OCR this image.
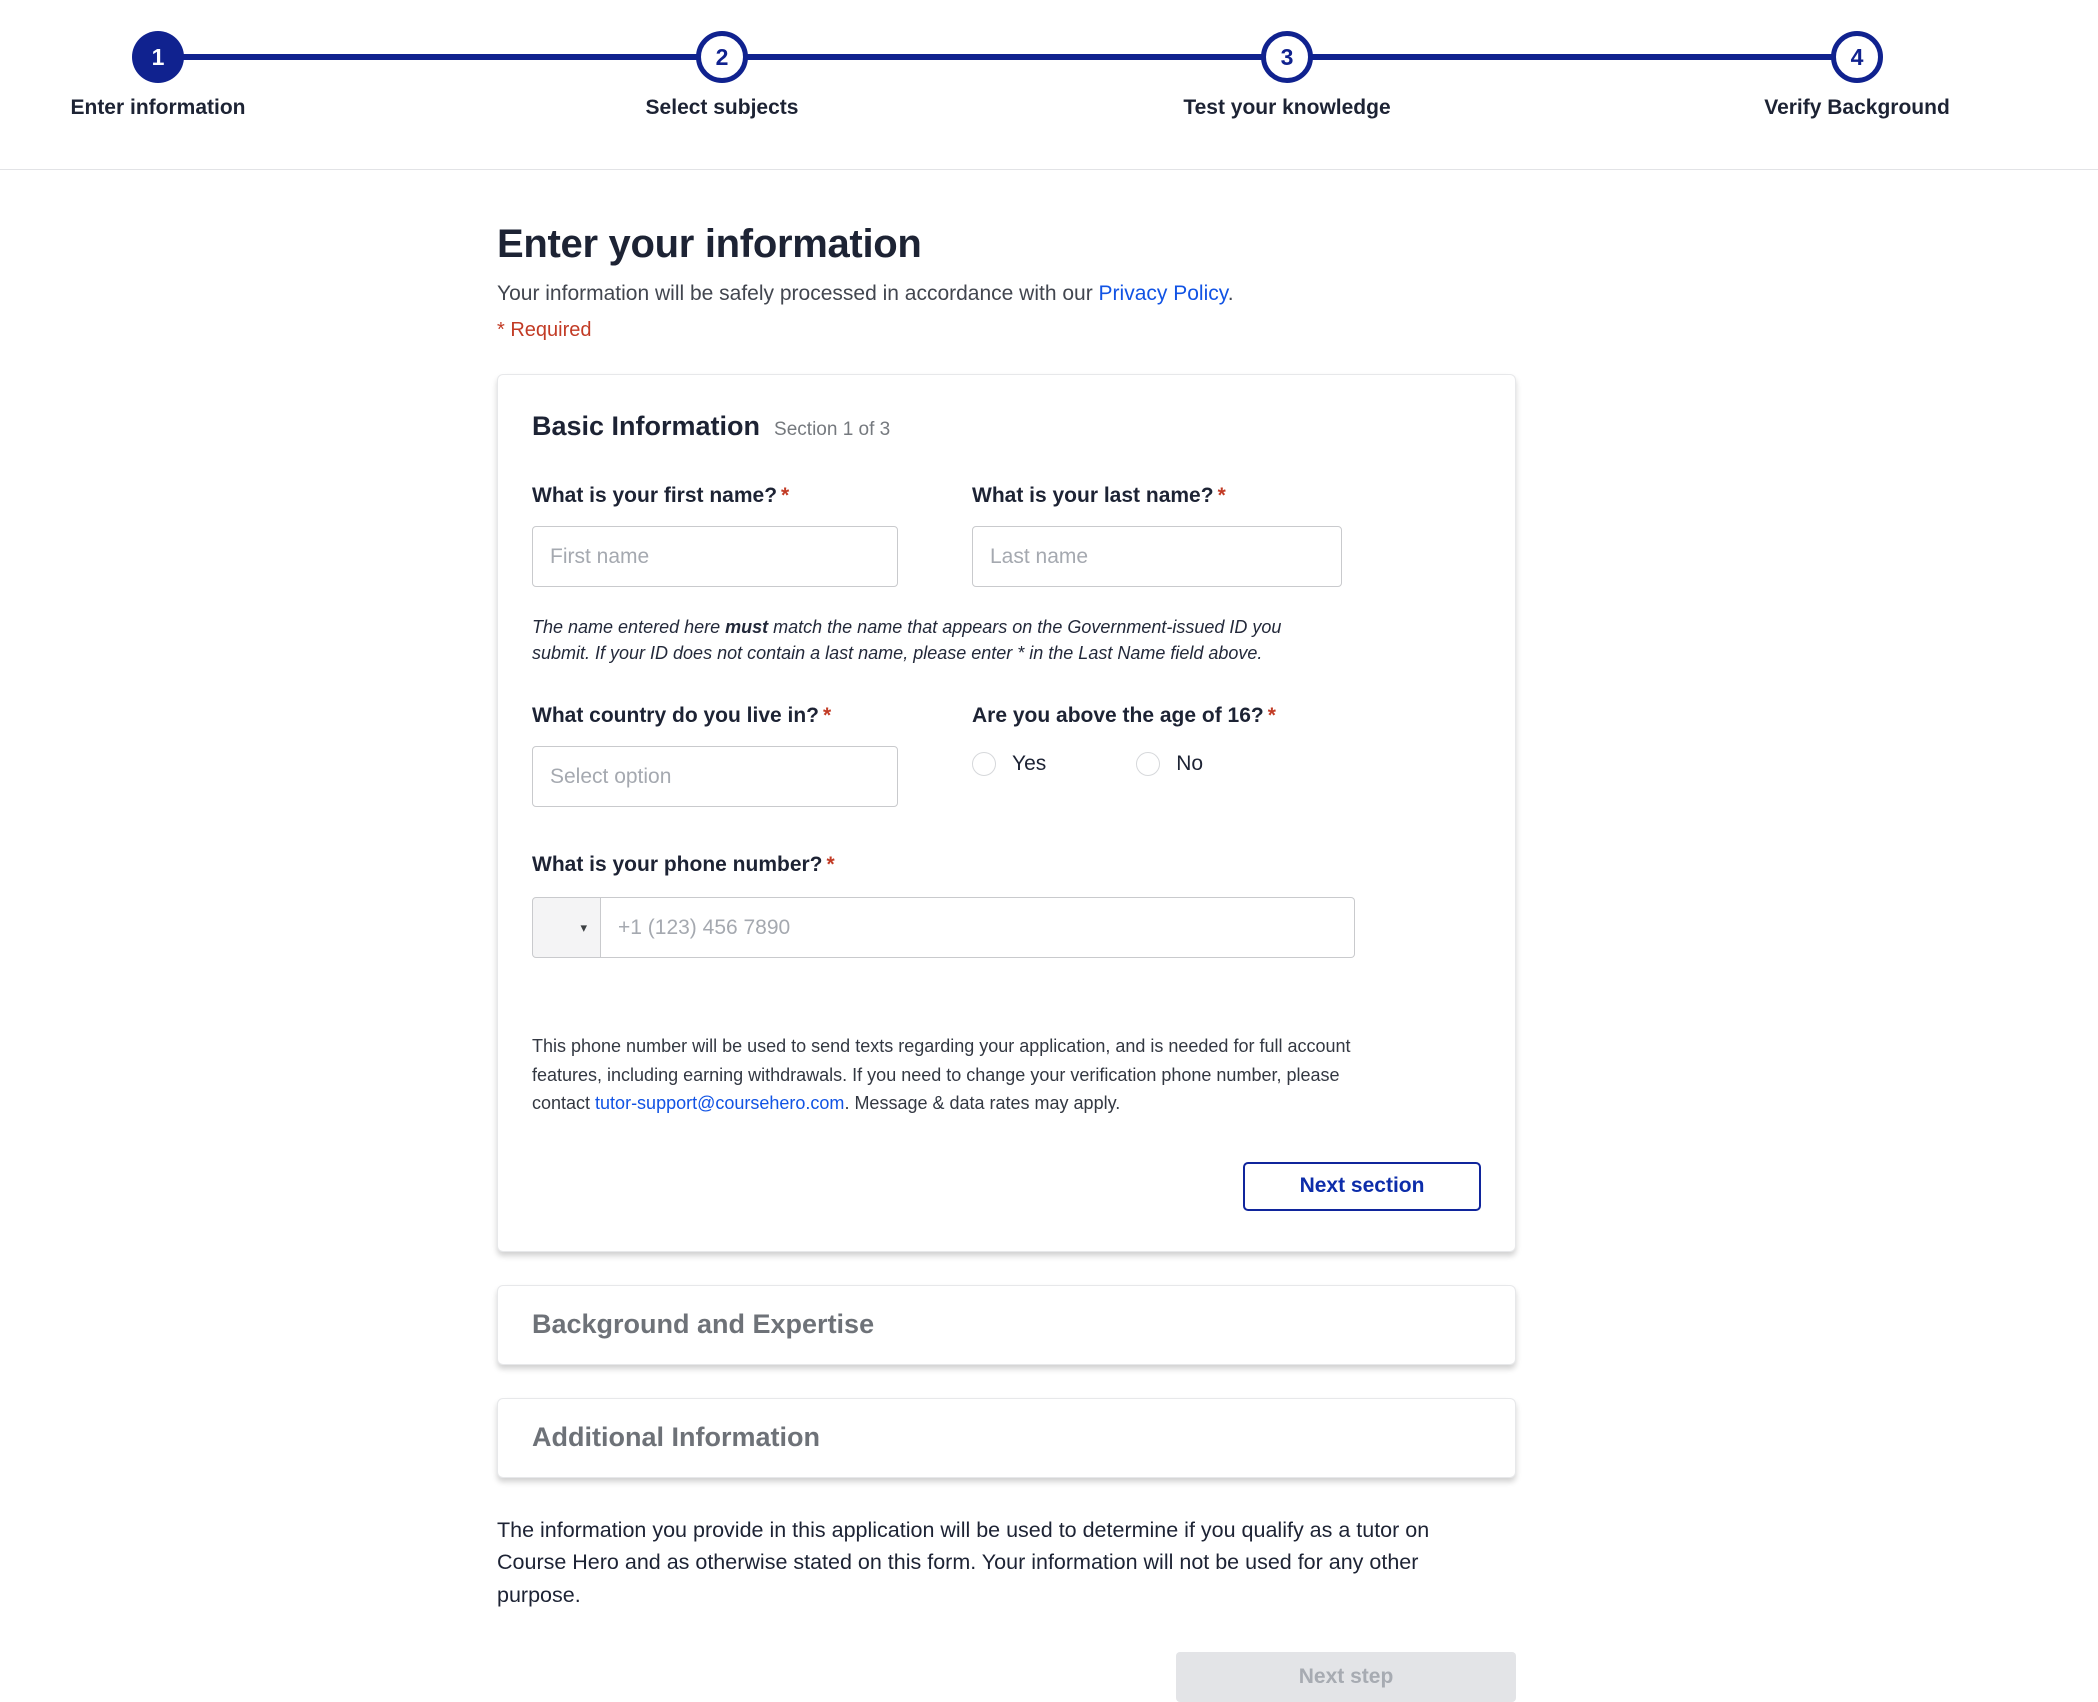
1
Enter information
2
Select subjects
3
Test your knowledge
4
Verify Background
Enter your information

Your information will be safely processed in accordance with our Privacy Policy.

* Required

Basic Information Section 1 of 3
What is your first name? *
First name	What is your last name? *
Last name

The name entered here must match the name that appears on the Government-issued ID you submit. If your ID does not contain a last name, please enter * in the Last Name field above.

What country do you live in? *
Select option	Are you above the age of 16? *
Yes	No
What is your phone number? *
▾
+1 (123) 456 7890

This phone number will be used to send texts regarding your application, and is needed for full account features, including earning withdrawals. If you need to change your verification phone number, please contact tutor-support@coursehero.com. Message & data rates may apply.

Next section
Background and Expertise
Additional Information

The information you provide in this application will be used to determine if you qualify as a tutor on Course Hero and as otherwise stated on this form. Your information will not be used for any other purpose.

Next step
